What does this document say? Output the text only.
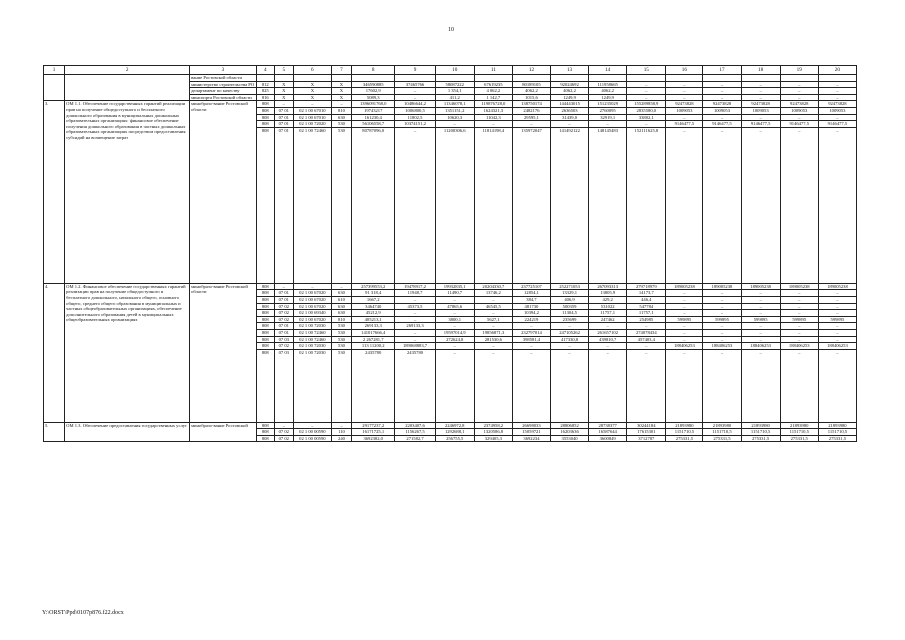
10
1	2	3	4	5	6	7	8	9	10	11	12	13	14	15	16	17	18	19	20
		вание Ростовской области																	
		министерство строительства РО	812	X	X	X	346590885	37465766	58087222	67619235	80189105	92024692	111958665	–	–	–	–	–	–
		департамент по качеству	825	X	X	X	17602,9	–	1 354,1	4 062,2	4062,2	4062,2	4062,2	–	–	–	–	–	–
		минспорта Ростовской области	816	X	X	X	5089,3	–	411,2	1 142,7	1015,6	1249,9	1249,9	–	–	–	–	–	–
3.	ОМ 1.1. Обеспечение государственных гарантий реализации прав на получение общедоступного и бесплатного дошкольного образования в муниципальных дошкольных образовательных организациях: финансовое обеспечение получения дошкольного образования в частных дошкольных образовательных организациях посредством предоставления субсидий на возмещение затрат	минобразо-вание Ростовской области	808	–	–	–	1396091768,0	10486644,2	11346078,1	119876728,0	138750174	144443015	151235029	155289858,9	92473828	92473828	92473828	92473828	92473828
			808	07 01	02 1 00 67010	810	19743217	1006800,5	1351151,2	1624321,3	2482176	2636503	2760095	2835580,0	1009053	1009053	1009053	1009053	1009053
			808	07 01	02 1 00 67010	630	161230,4	11802,5	10620,3	11042,3	29595,1	31439,0	32919,1	33802,1	–	–	–	–	–
			808	07 01	02 1 00 72020	530	56106558,7	10374151,2	–	–	–	–	–	–	9146477,5	9146477,5	9146477,5	9146477,5	9146477,5
			808	07 01	02 1 00 72460	530	80787096,0	–	11200306,6	11814198,4	135972047	141492122	148145483	152111625,8	–	–	–	–	–
4.	ОМ 1.2. Финансовое обеспечение государственных гарантий реализации прав на получение общедоступного и бесплатного дошкольного, начального общего, основного общего, среднего общего образования в муниципальных и частных общеобразовательных организациях, обеспечение дополнительного образования детей в муниципальных общеобразовательных организациях	минобразо-вание Ростовской области	808	–	–	–	257399553,2	19478917,2	19932835,1	20204330,7	237725107	252271053	267093313	279718979	189005238	189005238	189005238	189005238	189005238
			808	07 01	02 1 00 67020	630	91 318,4	11948,7	11490,7	13746,2	12854,1	13329,1	13805,9	14173,7	–	–	–	–	–
			808	07 01	02 1 00 67020	610	1667,2	–	–	–	384,7	406,9	429,2	446,4	–	–	–	–	–
			808	07 02	02 1 00 67020	630	3464740	45373,5	47865,6	46545,5	481730	500359	531022	547784	–	–	–	–	–
			808	07 02	02 1 00 69340	630	45212,9	–	–	–	10394,2	11304,5	11757,1	11757,1	–	–	–	–	–
			808	07 02	02 1 00 67020	810	405213,1	–	3800,1	5627,1	224219	235699	247462	254985	599895	599895	599895	599895	599895
			808	07 01	02 1 00 72030	530	269133,3	269133,3	–	–	–	–	–	–	–	–	–	–	–
			808	07 01	02 1 00 72460	530	141017666,4	–	19597014,9	19856871,3	232797014	247105262	261657102	274078434	–	–	–	–	–
			808	07 03	02 1 00 72460	530	2 267281,7	–	272624,8	281530,6	398581,4	417330,8	439810,7	457403,4	–	–	–	–	–
			808	07 02	02 1 00 72030	530	113 11200,2	189068883,7	–	–	–	–	–	–	188406253	188406253	188406253	188406253	188406253
			808	07 03	02 1 00 72030	530	2435780	2435780	–	–	–	–	–	–	–	–	–	–	–
5.	ОМ 1.3. Обеспечение предоставления государственных услуг	минобразо-вание Ростовской	808	–	–	–	29177237,2	2203407,6	2246972,8	2374958,2	26698033	28806852	28738377	30244184	21893980	21893980	21893980	21893980	21893980
			808	07 02	02 1 00 00590	110	16171725,1	1156267,5	1292688,1	1320586,8	15059721	16203636	16587644	17615301	1151710,5	1151710,5	1151710,5	1151710,5	1151710,5
			808	07 02	02 1 00 00590	240	3692382,0	271582,7	256755,5	329405,3	3692234	3553040	3600849	3712787	275331,5	275331,5	275331,5	275331,5	275331,5
Y:\ORST\Ppd\0107p876.f22.docx
